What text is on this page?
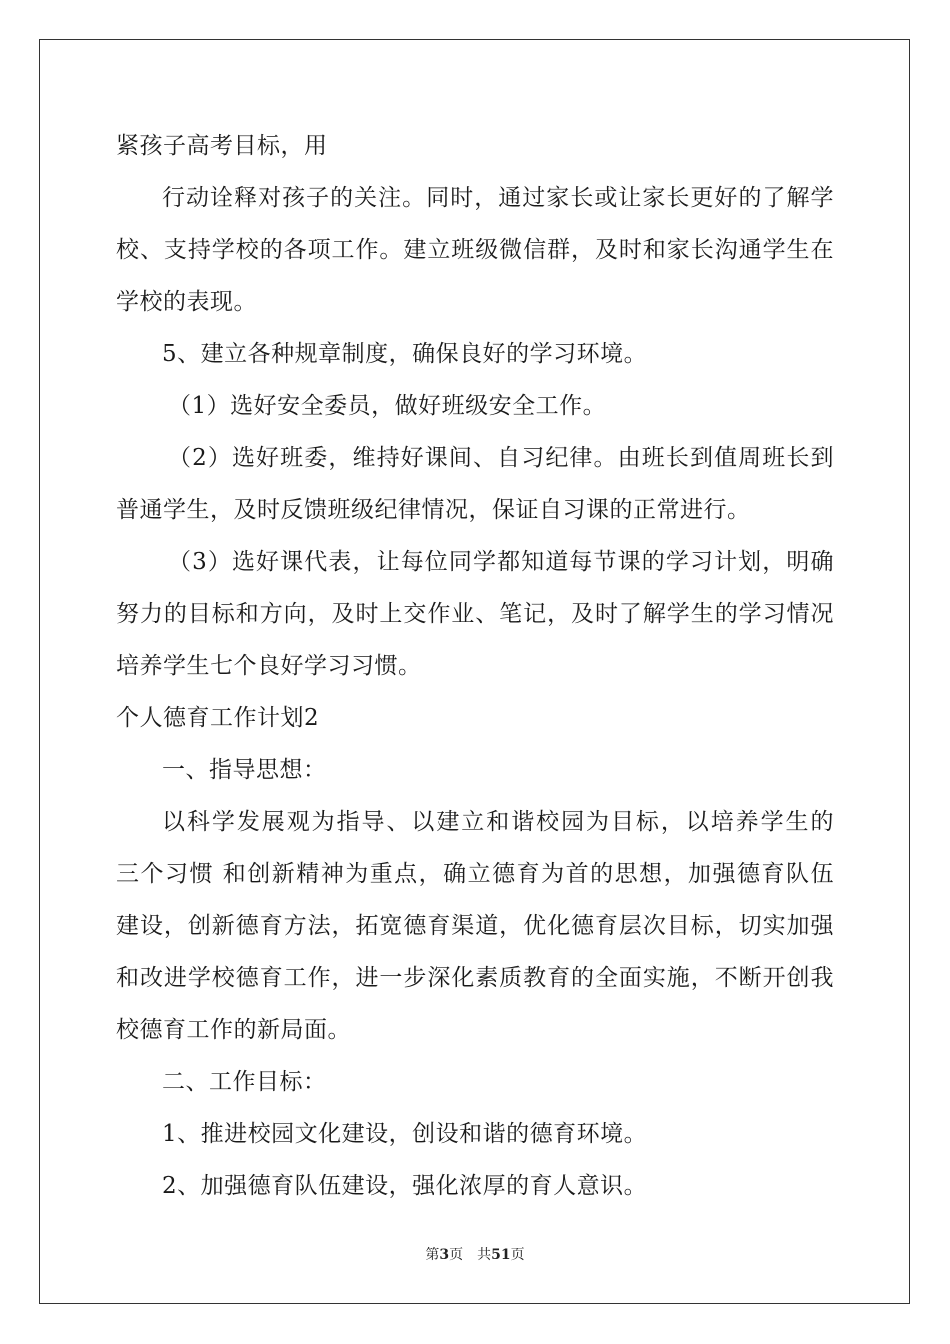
紧孩子高考目标，用
行动诠释对孩子的关注。同时，通过家长或让家长更好的了解学
校、支持学校的各项工作。建立班级微信群，及时和家长沟通学生在
学校的表现。
5、建立各种规章制度，确保良好的学习环境。
（1）选好安全委员，做好班级安全工作。
（2）选好班委，维持好课间、自习纪律。由班长到值周班长到
普通学生，及时反馈班级纪律情况，保证自习课的正常进行。
（3）选好课代表，让每位同学都知道每节课的学习计划，明确
努力的目标和方向，及时上交作业、笔记，及时了解学生的学习情况
培养学生七个良好学习习惯。
个人德育工作计划2
一、指导思想：
以科学发展观为指导、以建立和谐校园为目标，以培养学生的
三个习惯 和创新精神为重点，确立德育为首的思想，加强德育队伍
建设，创新德育方法，拓宽德育渠道，优化德育层次目标，切实加强
和改进学校德育工作，进一步深化素质教育的全面实施，不断开创我
校德育工作的新局面。
二、工作目标：
1、推进校园文化建设，创设和谐的德育环境。
2、加强德育队伍建设，强化浓厚的育人意识。
第3页 共51页
